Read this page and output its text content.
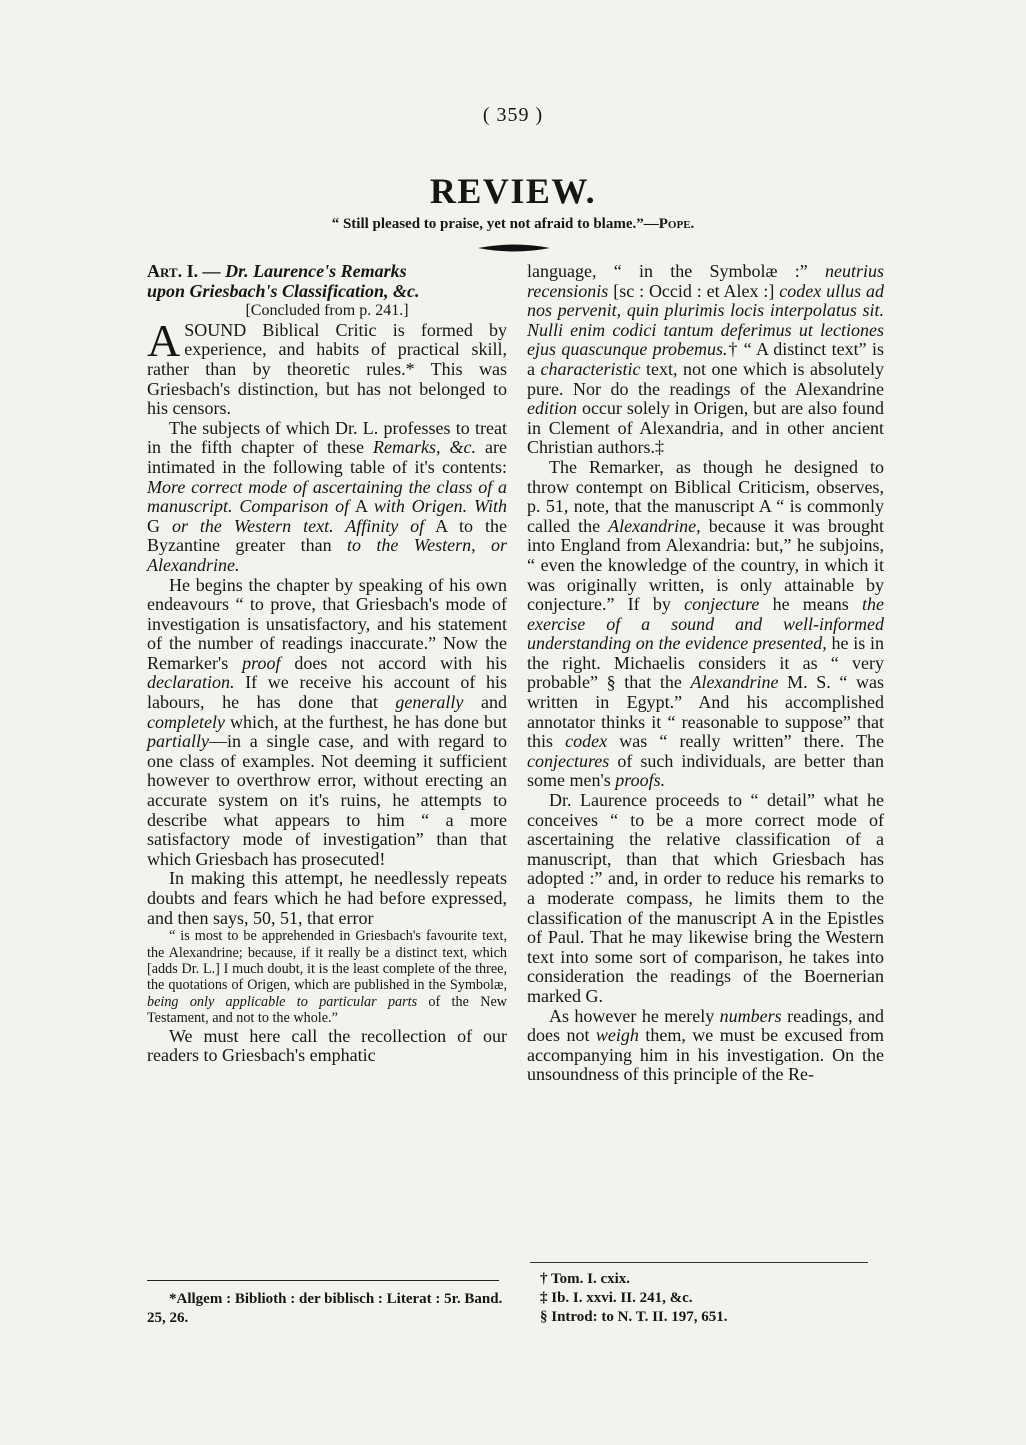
( 359 )
REVIEW.
“ Still pleased to praise, yet not afraid to blame.”—Pope.

Art. I. — Dr. Laurence's Remarks

upon Griesbach's Classification, &c.

[Concluded from p. 241.]

A SOUND Biblical Critic is formed by experience, and habits of practical skill, rather than by theoretic rules.* This was Griesbach's distinction, but has not belonged to his censors.

The subjects of which Dr. L. professes to treat in the fifth chapter of these Remarks, &c. are intimated in the following table of it's contents: More correct mode of ascertaining the class of a manuscript. Comparison of A with Origen. With G or the Western text. Affinity of A to the Byzantine greater than to the Western, or Alexandrine.

He begins the chapter by speaking of his own endeavours “ to prove, that Griesbach's mode of investigation is unsatisfactory, and his statement of the number of readings inaccurate.” Now the Remarker's proof does not accord with his declaration. If we receive his account of his labours, he has done that generally and completely which, at the furthest, he has done but partially—in a single case, and with regard to one class of examples. Not deeming it sufficient however to overthrow error, without erecting an accurate system on it's ruins, he attempts to describe what appears to him “ a more satisfactory mode of investigation” than that which Griesbach has prosecuted!

In making this attempt, he needlessly repeats doubts and fears which he had before expressed, and then says, 50, 51, that error

“ is most to be apprehended in Griesbach's favourite text, the Alexandrine; because, if it really be a distinct text, which [adds Dr. L.] I much doubt, it is the least complete of the three, the quotations of Origen, which are published in the Symbolæ, being only applicable to particular parts of the New Testament, and not to the whole.”

We must here call the recollection of our readers to Griesbach's emphatic

language, “ in the Symbolæ :” neutrius recensionis [sc : Occid : et Alex :] codex ullus ad nos pervenit, quin plurimis locis interpolatus sit. Nulli enim codici tantum deferimus ut lectiones ejus quascunque probemus.† “ A distinct text” is a characteristic text, not one which is absolutely pure. Nor do the readings of the Alexandrine edition occur solely in Origen, but are also found in Clement of Alexandria, and in other ancient Christian authors.‡

The Remarker, as though he designed to throw contempt on Biblical Criticism, observes, p. 51, note, that the manuscript A “ is commonly called the Alexandrine, because it was brought into England from Alexandria: but,” he subjoins, “ even the knowledge of the country, in which it was originally written, is only attainable by conjecture.” If by conjecture he means the exercise of a sound and well-informed understanding on the evidence presented, he is in the right. Michaelis considers it as “ very probable” § that the Alexandrine M. S. “ was written in Egypt.” And his accomplished annotator thinks it “ reasonable to suppose” that this codex was “ really written” there. The conjectures of such individuals, are better than some men's proofs.

Dr. Laurence proceeds to “ detail” what he conceives “ to be a more correct mode of ascertaining the relative classification of a manuscript, than that which Griesbach has adopted :” and, in order to reduce his remarks to a moderate compass, he limits them to the classification of the manuscript A in the Epistles of Paul. That he may likewise bring the Western text into some sort of comparison, he takes into consideration the readings of the Boernerian marked G.

As however he merely numbers readings, and does not weigh them, we must be excused from accompanying him in his investigation. On the unsoundness of this principle of the Re-

*Allgem : Biblioth : der biblisch : Literat : 5r. Band. 25, 26.
† Tom. I. cxix.
‡ Ib. I. xxvi. II. 241, &c.
§ Introd: to N. T. II. 197, 651.
